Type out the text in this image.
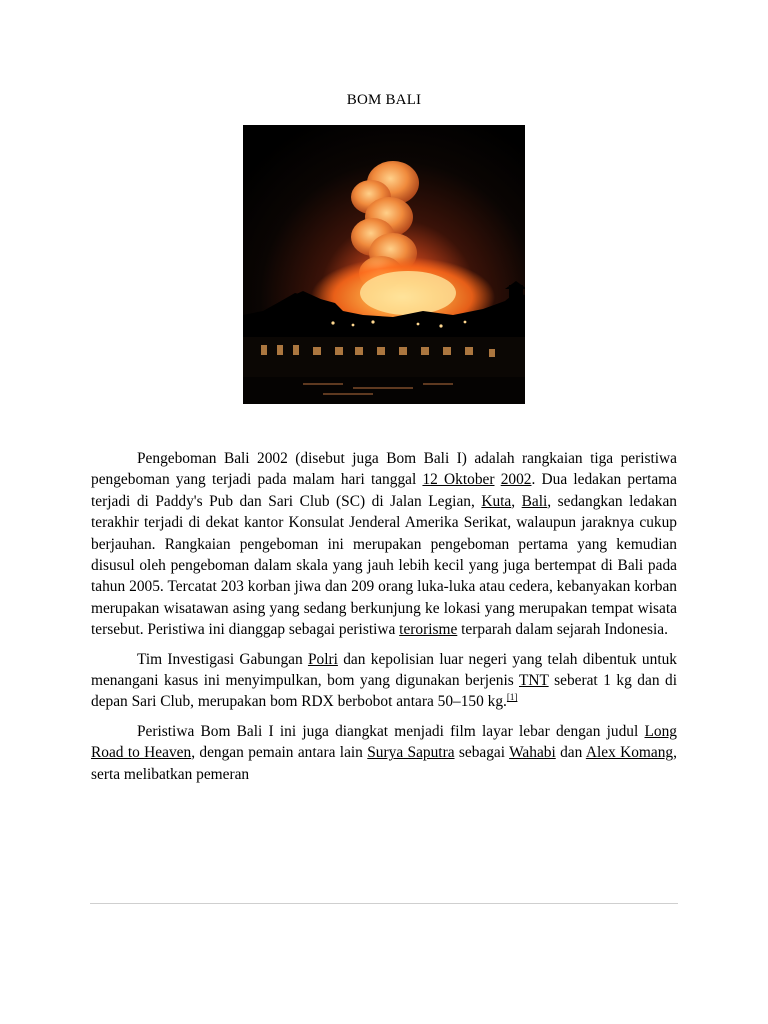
BOM BALI

Pengeboman Bali 2002 (disebut juga Bom Bali I) adalah rangkaian tiga peristiwa pengeboman yang terjadi pada malam hari tanggal 12 Oktober 2002. Dua ledakan pertama terjadi di Paddy's Pub dan Sari Club (SC) di Jalan Legian, Kuta, Bali, sedangkan ledakan terakhir terjadi di dekat kantor Konsulat Jenderal Amerika Serikat, walaupun jaraknya cukup berjauhan. Rangkaian pengeboman ini merupakan pengeboman pertama yang kemudian disusul oleh pengeboman dalam skala yang jauh lebih kecil yang juga bertempat di Bali pada tahun 2005. Tercatat 203 korban jiwa dan 209 orang luka-luka atau cedera, kebanyakan korban merupakan wisatawan asing yang sedang berkunjung ke lokasi yang merupakan tempat wisata tersebut. Peristiwa ini dianggap sebagai peristiwa terorisme terparah dalam sejarah Indonesia.

Tim Investigasi Gabungan Polri dan kepolisian luar negeri yang telah dibentuk untuk menangani kasus ini menyimpulkan, bom yang digunakan berjenis TNT seberat 1 kg dan di depan Sari Club, merupakan bom RDX berbobot antara 50–150 kg.[1]

Peristiwa Bom Bali I ini juga diangkat menjadi film layar lebar dengan judul Long Road to Heaven, dengan pemain antara lain Surya Saputra sebagai Wahabi dan Alex Komang, serta melibatkan pemeran
